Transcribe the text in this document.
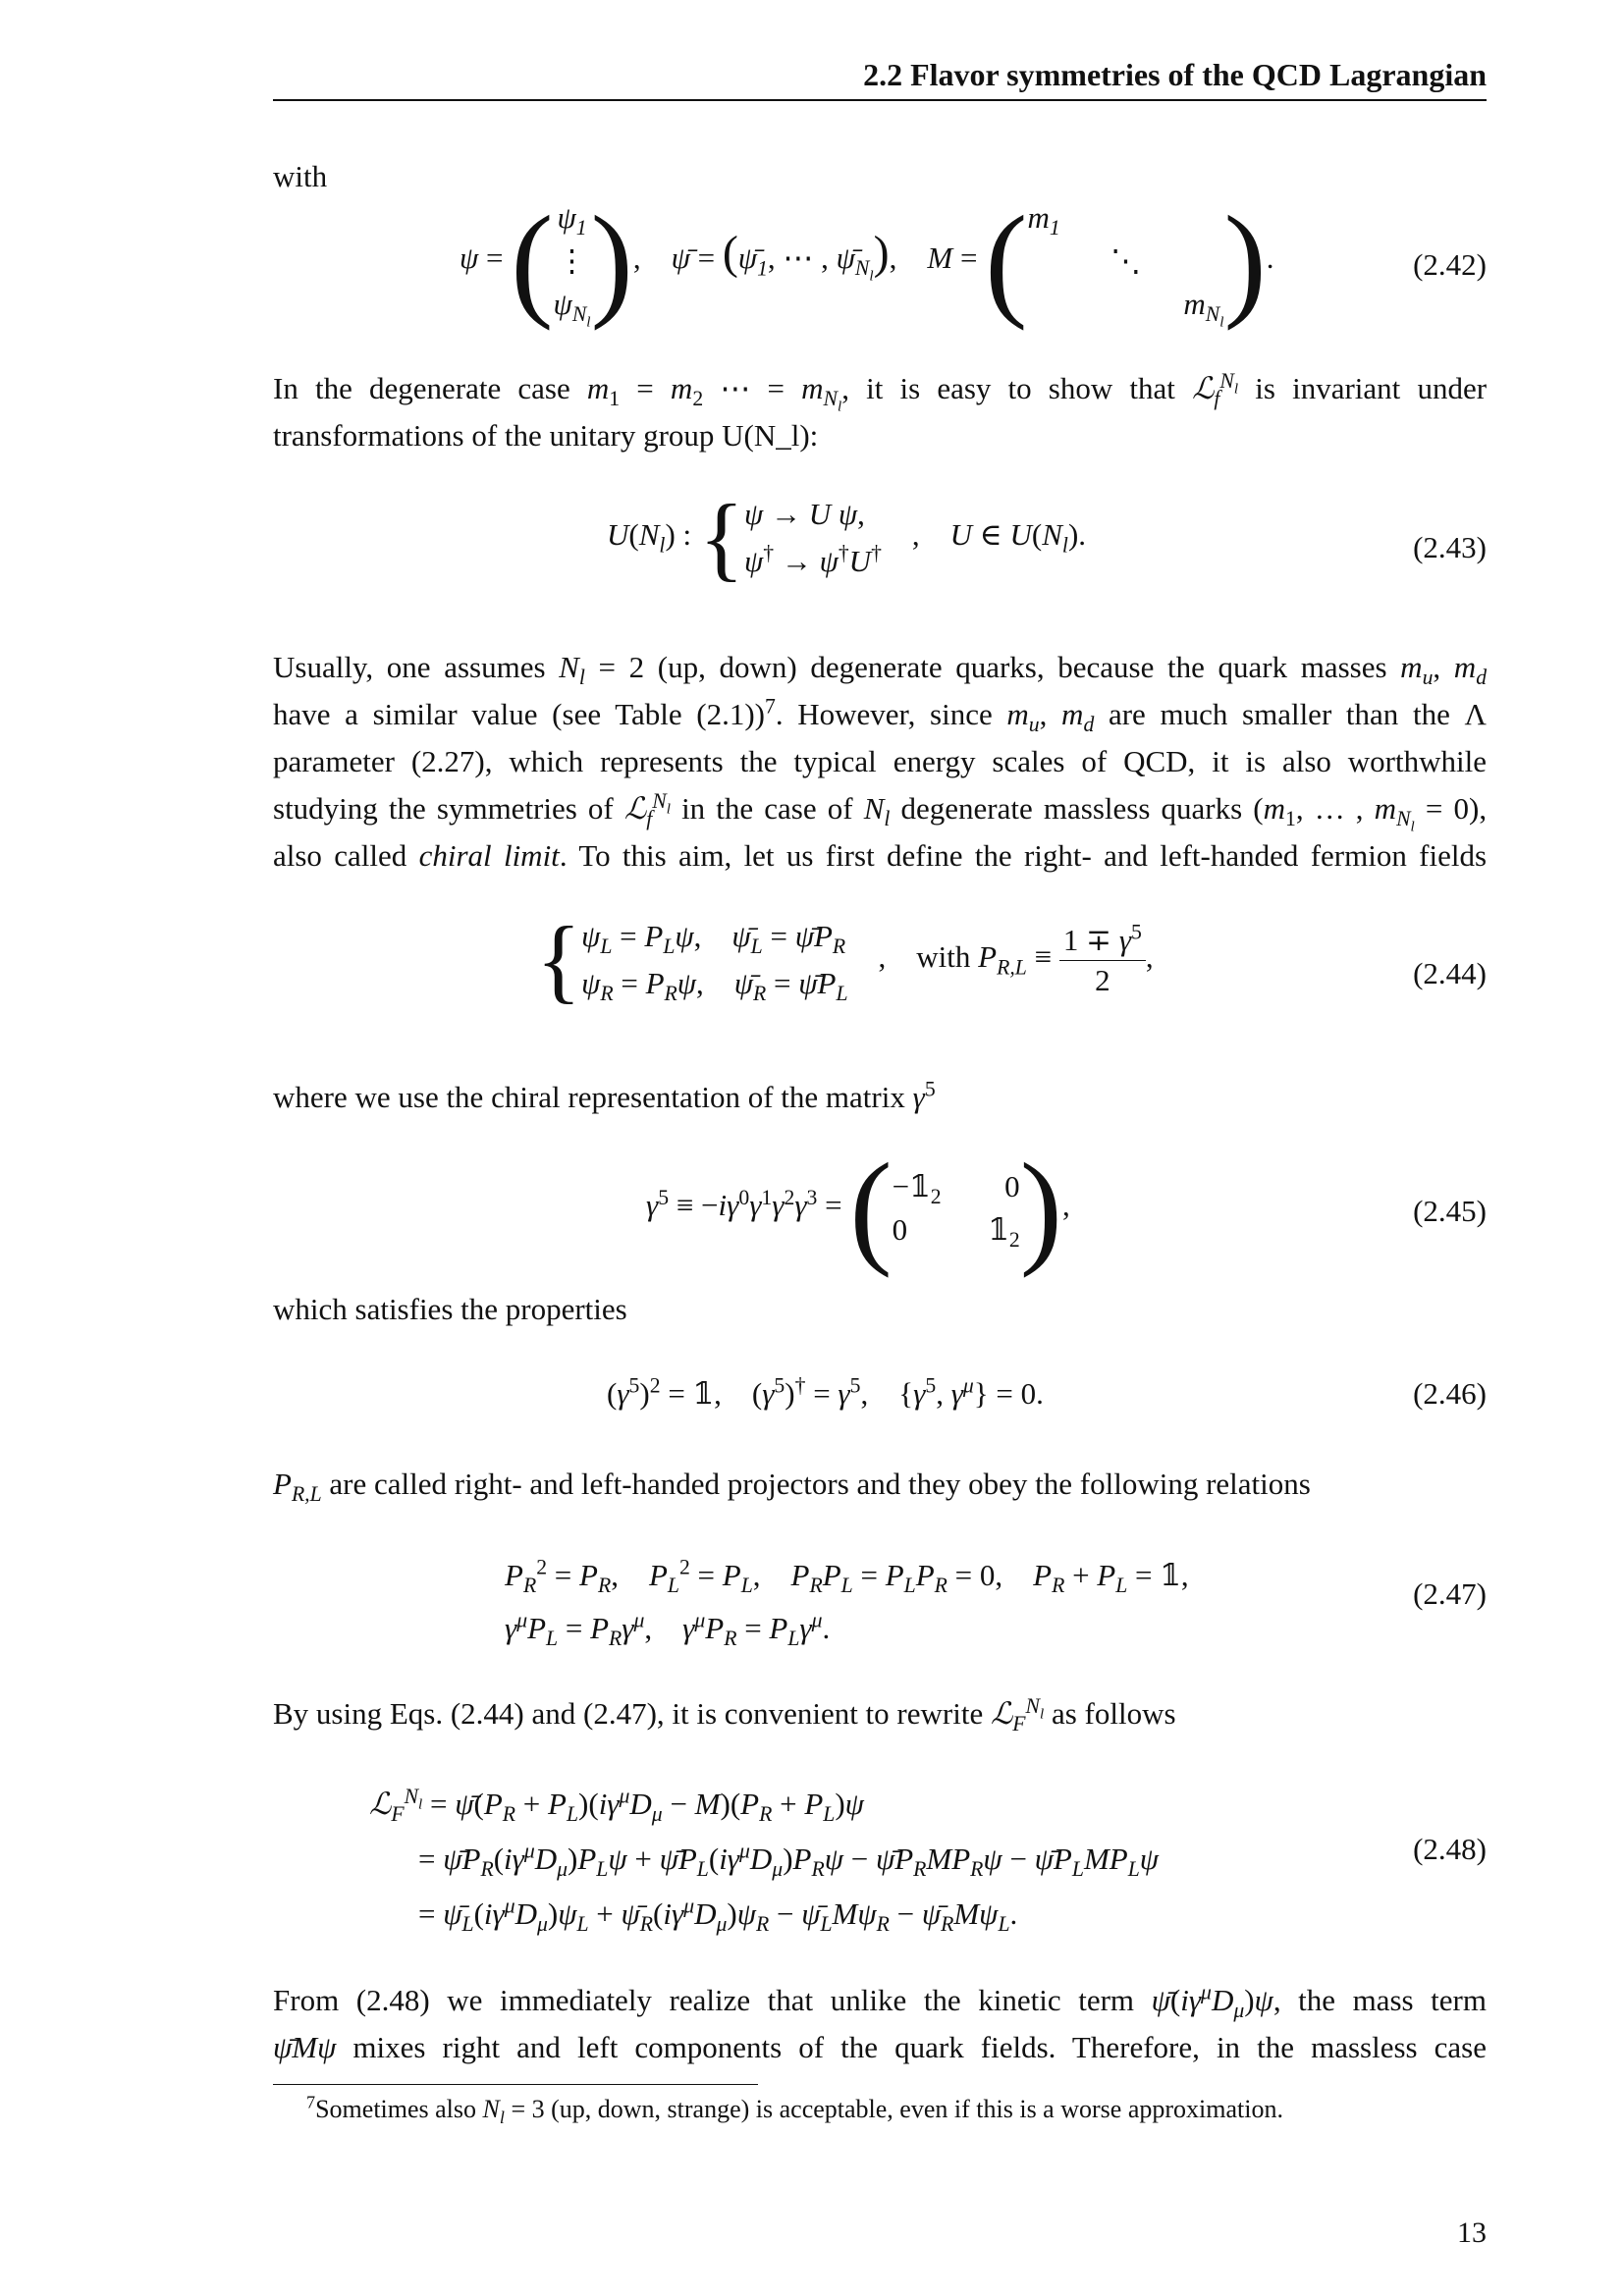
2.2 Flavor symmetries of the QCD Lagrangian
with
ψ = ( $\psi_1$
⋮
$\psi_{N_l}$),    ψ̄ = ($\psī_1$, ⋯ , $\psī_{N_l}$),    M = ( $m_1$
⋱
$m_{N_l}$ ).	(2.42)
In the degenerate case $m_1 = m_2$ ⋯ = $m_{N_l}$, it is easy to show that ℒ$_f^{N_l}$ is invariant under
transformations of the unitary group U(N_l):
$U(N_l)$ : {ψ → U ψ,
ψ† → ψ†U†    ,    U ∈ $U(N_l)$.	(2.43)
Usually, one assumes $N_l = 2$ (up, down) degenerate quarks, because the quark masses $m_u$, $m_d$
have a similar value (see Table (2.1))$^7$. However, since $m_u$, $m_d$ are much smaller than the Λ
parameter (2.27), which represents the typical energy scales of QCD, it is also worthwhile
studying the symmetries of ℒ$_f^{N_l}$ in the case of $N_l$ degenerate massless quarks ($m_1$, … , $m_{N_l} = 0$),
also called chiral limit. To this aim, let us first define the right- and left-handed fermion fields
{$\psi_L = P_L\psi$,    $\psī_L$ = $\psīP_R$
$\psi_R = P_R\psi$,    $\psī_R$ = $\psīP_L$    , with $P_{R,L} \equiv \frac{1 \mp \gamma^5}{2}$ ,	(2.44)
where we use the chiral representation of the matrix $\gamma^5$
$\gamma^5 \equiv -i\gamma^0\gamma^1\gamma^2\gamma^3$ = ( $-𝟙_2$ 0
0	$𝟙_2$ ),	(2.45)
which satisfies the properties
$(\gamma^5)^2$ = 𝟙, $(\gamma^5)^\dagger = \gamma^5$, {$\gamma^5$, $\gamma^\mu\} = 0$.	(2.46)
$P_{R,L}$ are called right- and left-handed projectors and they obey the following relations
$P_R^2 = P_R$,    $P_L^2 = P_L$,    $P_RP_L = P_LP_R = 0$,    $P_R + P_L$ = 𝟙,
$\gamma^\mu P_L = P_R\gamma^\mu$,    $\gamma^\mu P_R = P_L\gamma^\mu$.
(2.47)
By using Eqs. (2.44) and (2.47), it is convenient to rewrite ℒ$_F^{N_l}$ as follows
ℒ$_F^{N_l}$ = $\psī(P_R + P_L)(i\gamma^\mu D_\mu - M)(P_R + P_L)\psi$
= $\psīP_R(i\gamma^\mu D_\mu)P_L\psi$ + $\psīP_L(i\gamma^\mu D_\mu)P_R\psi$ − $\psīP_RMP_R\psi$ − $\psīP_LMP_L\psi$
= $\psī_L(i\gamma^\mu D_\mu)\psi_L$ + $\psī_R(i\gamma^\mu D_\mu)\psi_R$ − $\psī_LM\psi_R$ − $\psī_RM\psi_L$.
(2.48)
From (2.48) we immediately realize that unlike the kinetic term $\psī(i\gamma^\mu D_\mu)\psi$, the mass term
ψ̄Mψ mixes right and left components of the quark fields. Therefore, in the massless case
$^7$Sometimes also $N_l = 3$ (up, down, strange) is acceptable, even if this is a worse approximation.
13
